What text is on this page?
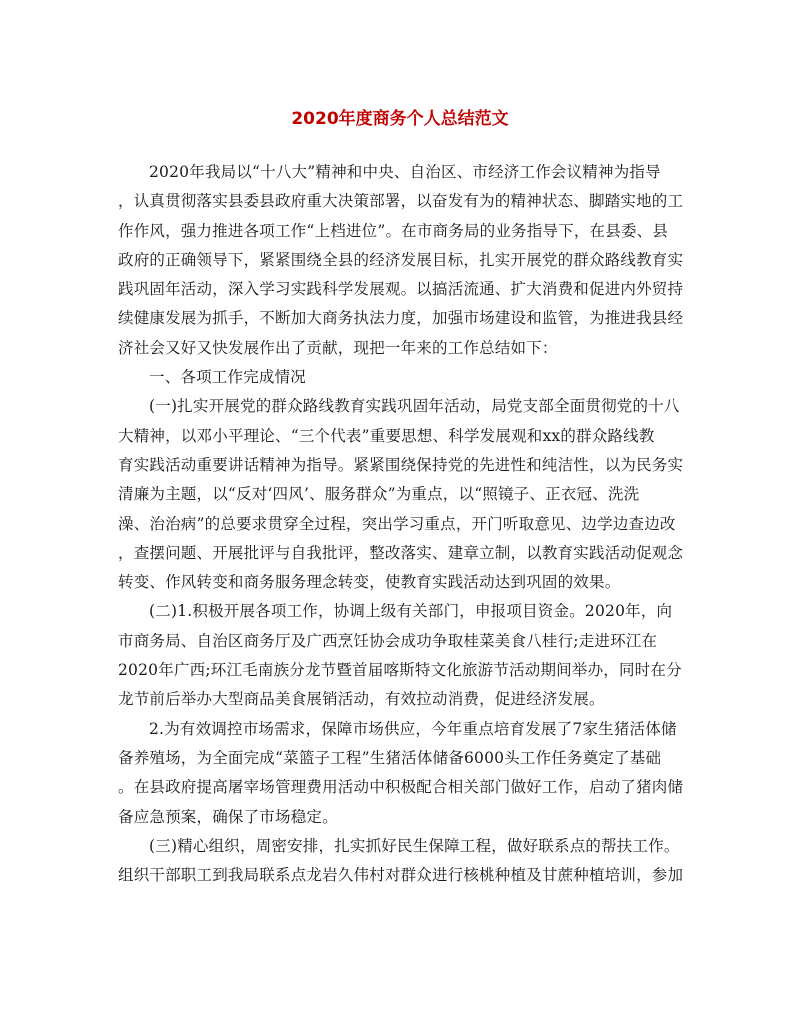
2020年度商务个人总结范文
2020年我局以“十八大”精神和中央、自治区、市经济工作会议精神为指导
，认真贯彻落实县委县政府重大决策部署，以奋发有为的精神状态、脚踏实地的工
作作风，强力推进各项工作“上档进位”。在市商务局的业务指导下，在县委、县
政府的正确领导下，紧紧围绕全县的经济发展目标，扎实开展党的群众路线教育实
践巩固年活动，深入学习实践科学发展观。以搞活流通、扩大消费和促进内外贸持
续健康发展为抓手，不断加大商务执法力度，加强市场建设和监管，为推进我县经
济社会又好又快发展作出了贡献，现把一年来的工作总结如下：
一、各项工作完成情况
(一)扎实开展党的群众路线教育实践巩固年活动，局党支部全面贯彻党的十八
大精神，以邓小平理论、“三个代表”重要思想、科学发展观和xx的群众路线教
育实践活动重要讲话精神为指导。紧紧围绕保持党的先进性和纯洁性，以为民务实
清廉为主题，以“反对‘四风’、服务群众”为重点，以“照镜子、正衣冠、洗洗
澡、治治病”的总要求贯穿全过程，突出学习重点，开门听取意见、边学边查边改
，查摆问题、开展批评与自我批评，整改落实、建章立制，以教育实践活动促观念
转变、作风转变和商务服务理念转变，使教育实践活动达到巩固的效果。
(二)1.积极开展各项工作，协调上级有关部门，申报项目资金。2020年，向
市商务局、自治区商务厅及广西烹饪协会成功争取桂菜美食八桂行;走进环江在
2020年广西;环江毛南族分龙节暨首届喀斯特文化旅游节活动期间举办，同时在分
龙节前后举办大型商品美食展销活动，有效拉动消费，促进经济发展。
2.为有效调控市场需求，保障市场供应，今年重点培育发展了7家生猪活体储
备养殖场，为全面完成“菜篮子工程”生猪活体储备6000头工作任务奠定了基础
。在县政府提高屠宰场管理费用活动中积极配合相关部门做好工作，启动了猪肉储
备应急预案，确保了市场稳定。
(三)精心组织，周密安排，扎实抓好民生保障工程，做好联系点的帮扶工作。
组织干部职工到我局联系点龙岩久伟村对群众进行核桃种植及甘蔗种植培训，参加
